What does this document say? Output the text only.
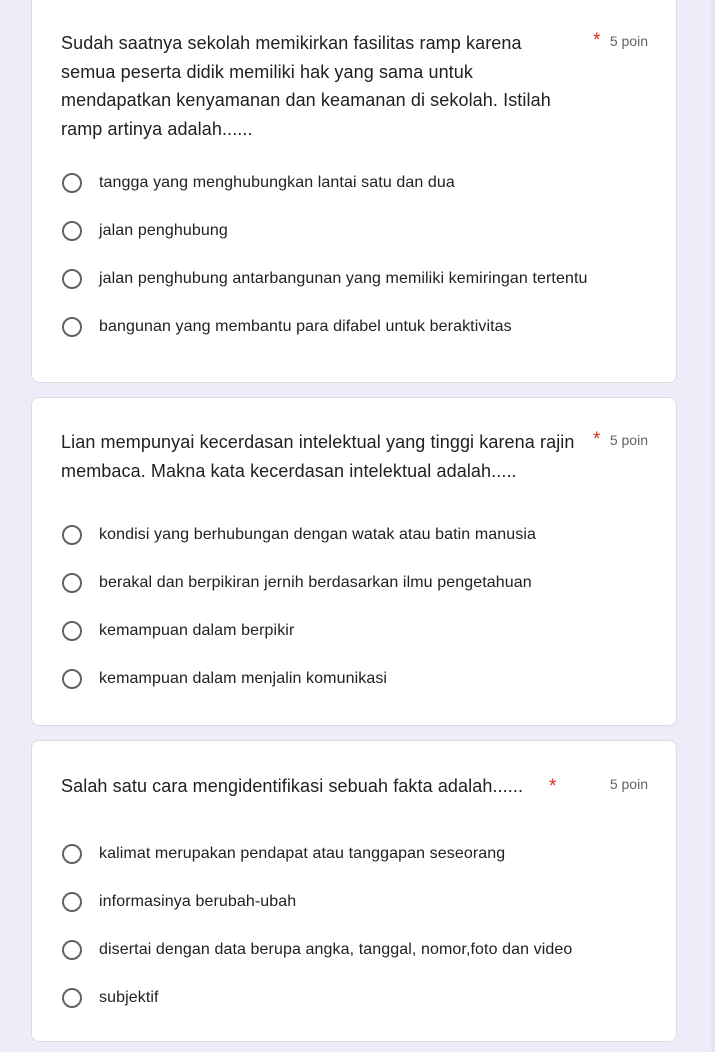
Sudah saatnya sekolah memikirkan fasilitas ramp karena semua peserta didik memiliki hak yang sama untuk mendapatkan kenyamanan dan keamanan di sekolah. Istilah ramp artinya adalah......
* 5 poin
tangga yang menghubungkan lantai satu dan dua
jalan penghubung
jalan penghubung antarbangunan yang memiliki kemiringan tertentu
bangunan yang membantu para difabel untuk beraktivitas
Lian mempunyai kecerdasan intelektual yang tinggi karena rajin membaca. Makna kata kecerdasan intelektual adalah.....
* 5 poin
kondisi yang berhubungan dengan watak atau batin manusia
berakal dan berpikiran jernih berdasarkan ilmu pengetahuan
kemampuan dalam berpikir
kemampuan dalam menjalin komunikasi
Salah satu cara mengidentifikasi sebuah fakta adalah...... *	5 poin
kalimat merupakan pendapat atau tanggapan seseorang
informasinya berubah-ubah
disertai dengan data berupa angka, tanggal, nomor,foto dan video
subjektif
